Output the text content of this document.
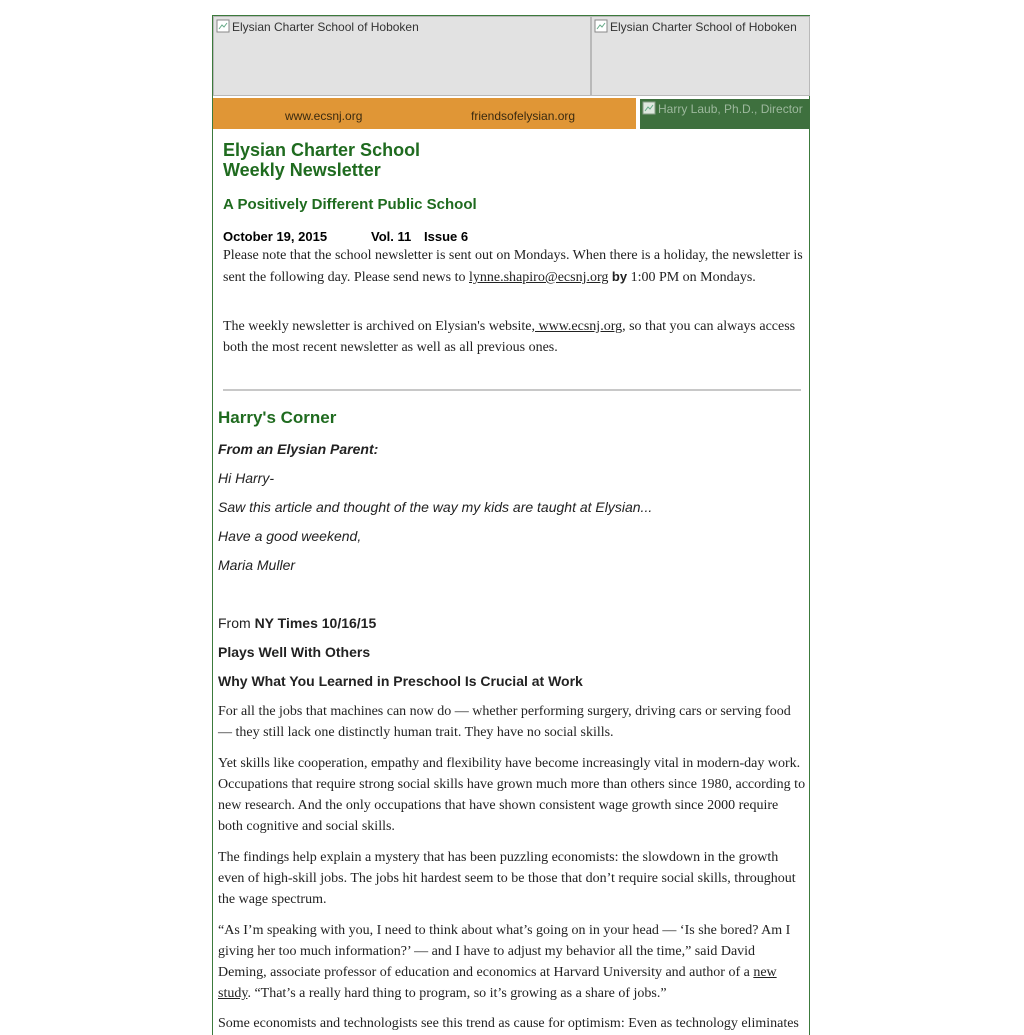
Elysian Charter School of Hoboken	Elysian Charter School of Hoboken
www.ecsnj.org	friendsofelysian.org	Harry Laub, Ph.D., Director
Elysian Charter School
Weekly Newsletter
A Positively Different Public School
October 19, 2015	Vol. 11 Issue 6

Please note that the school newsletter is sent out on Mondays. When there is a holiday, the newsletter is sent the following day. Please send news to lynne.shapiro@ecsnj.org by 1:00 PM on Mondays.

The weekly newsletter is archived on Elysian's website, www.ecsnj.org, so that you can always access both the most recent newsletter as well as all previous ones.

Harry's Corner
From an Elysian Parent:
Hi Harry-
Saw this article and thought of the way my kids are taught at Elysian...
Have a good weekend,
Maria Muller
From NY Times 10/16/15
Plays Well With Others
Why What You Learned in Preschool Is Crucial at Work

For all the jobs that machines can now do — whether performing surgery, driving cars or serving food — they still lack one distinctly human trait. They have no social skills.

Yet skills like cooperation, empathy and flexibility have become increasingly vital in modern-day work. Occupations that require strong social skills have grown much more than others since 1980, according to new research. And the only occupations that have shown consistent wage growth since 2000 require both cognitive and social skills.

The findings help explain a mystery that has been puzzling economists: the slowdown in the growth even of high-skill jobs. The jobs hit hardest seem to be those that don’t require social skills, throughout the wage spectrum.

“As I’m speaking with you, I need to think about what’s going on in your head — ‘Is she bored? Am I giving her too much information?’ — and I have to adjust my behavior all the time,” said David Deming, associate professor of education and economics at Harvard University and author of a new study. “That’s a really hard thing to program, so it’s growing as a share of jobs.”

Some economists and technologists see this trend as cause for optimism: Even as technology eliminates
